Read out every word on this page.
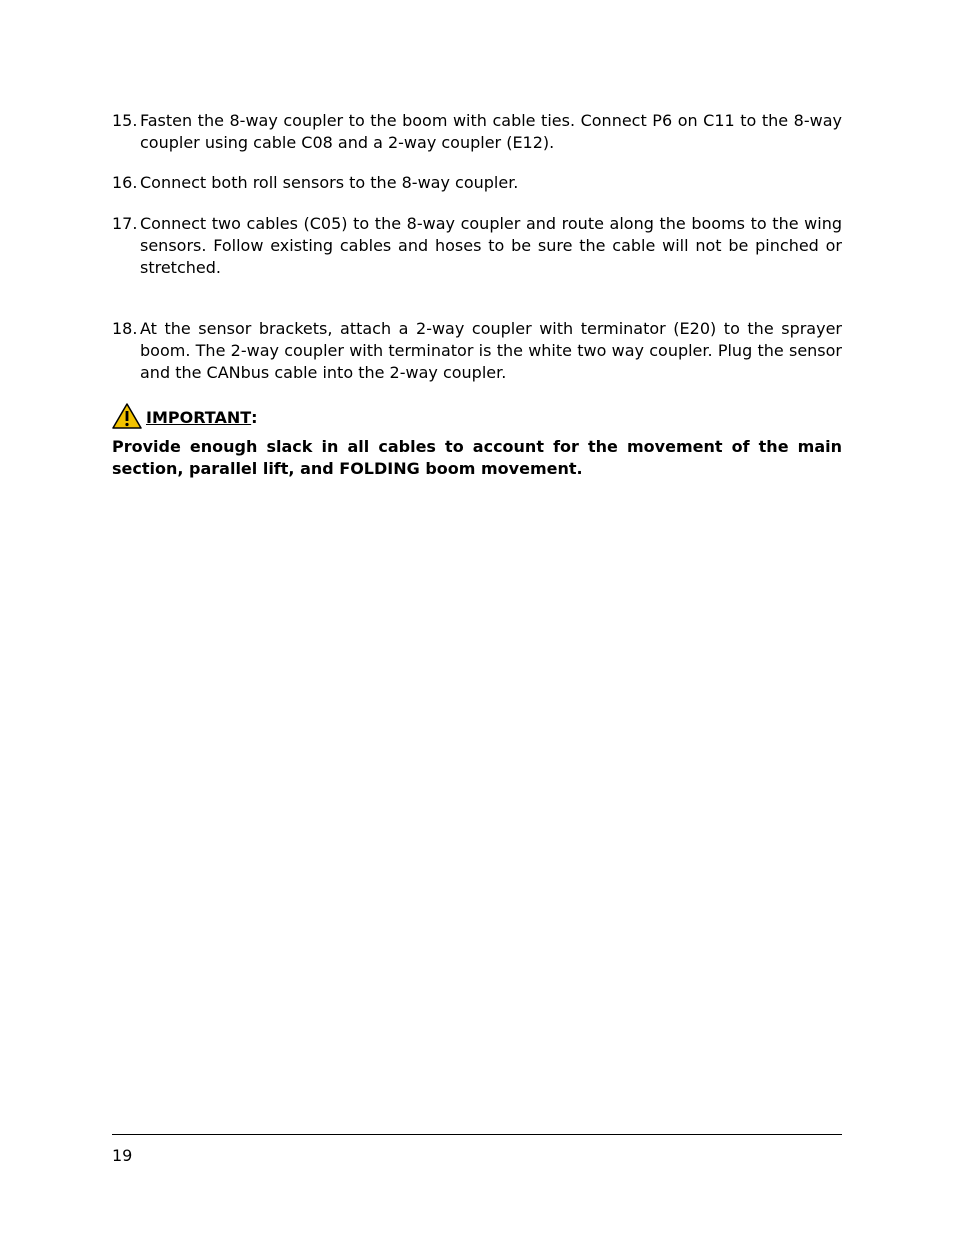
15. Fasten the 8-way coupler to the boom with cable ties. Connect P6 on C11 to the 8-way coupler using cable C08 and a 2-way coupler (E12).
16. Connect both roll sensors to the 8-way coupler.
17. Connect two cables (C05) to the 8-way coupler and route along the booms to the wing sensors. Follow existing cables and hoses to be sure the cable will not be pinched or stretched.
18. At the sensor brackets, attach a 2-way coupler with terminator (E20) to the sprayer boom. The 2-way coupler with terminator is the white two way coupler. Plug the sensor and the CANbus cable into the 2-way coupler.
IMPORTANT :
Provide enough slack in all cables to account for the movement of the main section, parallel lift, and FOLDING boom movement.
19
